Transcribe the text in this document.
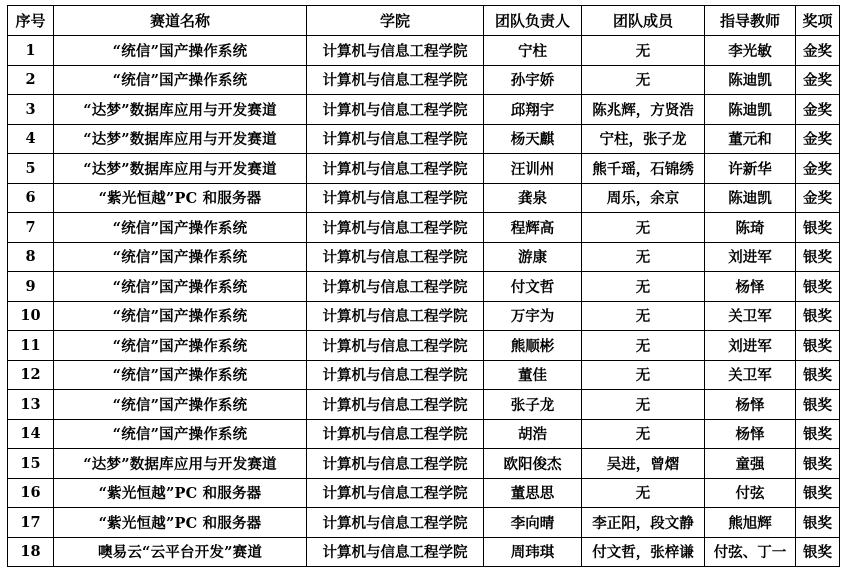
序号	赛道名称	学院	团队负责人	团队成员	指导教师	奖项
1	“统信”国产操作系统	计算机与信息工程学院	宁柱	无	李光敏	金奖
2	“统信”国产操作系统	计算机与信息工程学院	孙宇娇	无	陈迪凯	金奖
3	“达梦”数据库应用与开发赛道	计算机与信息工程学院	邱翔宇	陈兆辉，方贤浩	陈迪凯	金奖
4	“达梦”数据库应用与开发赛道	计算机与信息工程学院	杨天麒	宁柱，张子龙	董元和	金奖
5	“达梦”数据库应用与开发赛道	计算机与信息工程学院	汪训州	熊千瑶，石锦绣	许新华	金奖
6	“紫光恒越”PC 和服务器	计算机与信息工程学院	龚泉	周乐，余京	陈迪凯	金奖
7	“统信”国产操作系统	计算机与信息工程学院	程辉高	无	陈琦	银奖
8	“统信”国产操作系统	计算机与信息工程学院	游康	无	刘进军	银奖
9	“统信”国产操作系统	计算机与信息工程学院	付文哲	无	杨怿	银奖
10	“统信”国产操作系统	计算机与信息工程学院	万宇为	无	关卫军	银奖
11	“统信”国产操作系统	计算机与信息工程学院	熊顺彬	无	刘进军	银奖
12	“统信”国产操作系统	计算机与信息工程学院	董佳	无	关卫军	银奖
13	“统信”国产操作系统	计算机与信息工程学院	张子龙	无	杨怿	银奖
14	“统信”国产操作系统	计算机与信息工程学院	胡浩	无	杨怿	银奖
15	“达梦”数据库应用与开发赛道	计算机与信息工程学院	欧阳俊杰	吴进，曾熠	童强	银奖
16	“紫光恒越”PC 和服务器	计算机与信息工程学院	董思思	无	付弦	银奖
17	“紫光恒越”PC 和服务器	计算机与信息工程学院	李向晴	李正阳，段文静	熊旭辉	银奖
18	噢易云“云平台开发”赛道	计算机与信息工程学院	周玮琪	付文哲，张梓谦	付弦、丁一	银奖
